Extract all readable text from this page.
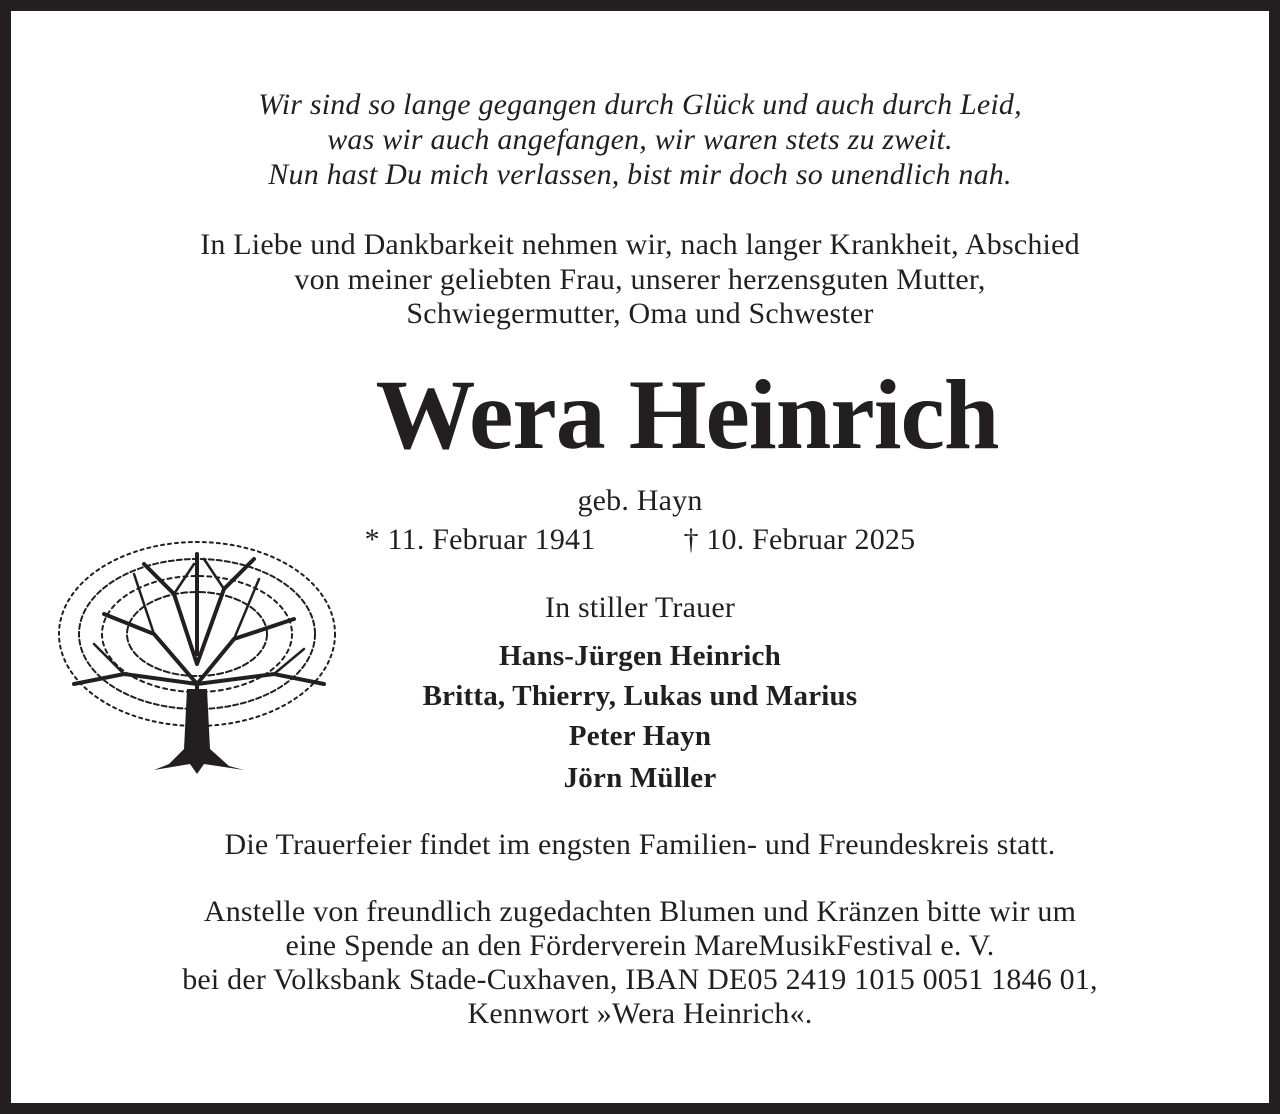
Wir sind so lange gegangen durch Glück und auch durch Leid,
was wir auch angefangen, wir waren stets zu zweit.
Nun hast Du mich verlassen, bist mir doch so unendlich nah.
In Liebe und Dankbarkeit nehmen wir, nach langer Krankheit, Abschied
von meiner geliebten Frau, unserer herzensguten Mutter,
Schwiegermutter, Oma und Schwester
Wera Heinrich
geb. Hayn
* 11. Februar 1941	† 10. Februar 2025
In stiller Trauer
Hans-Jürgen Heinrich
Britta, Thierry, Lukas und Marius
Peter Hayn
Jörn Müller
Die Trauerfeier findet im engsten Familien- und Freundeskreis statt.
Anstelle von freundlich zugedachten Blumen und Kränzen bitte wir um
eine Spende an den Förderverein MareMusikFestival e. V.
bei der Volksbank Stade-Cuxhaven, IBAN DE05 2419 1015 0051 1846 01,
Kennwort »Wera Heinrich«.
